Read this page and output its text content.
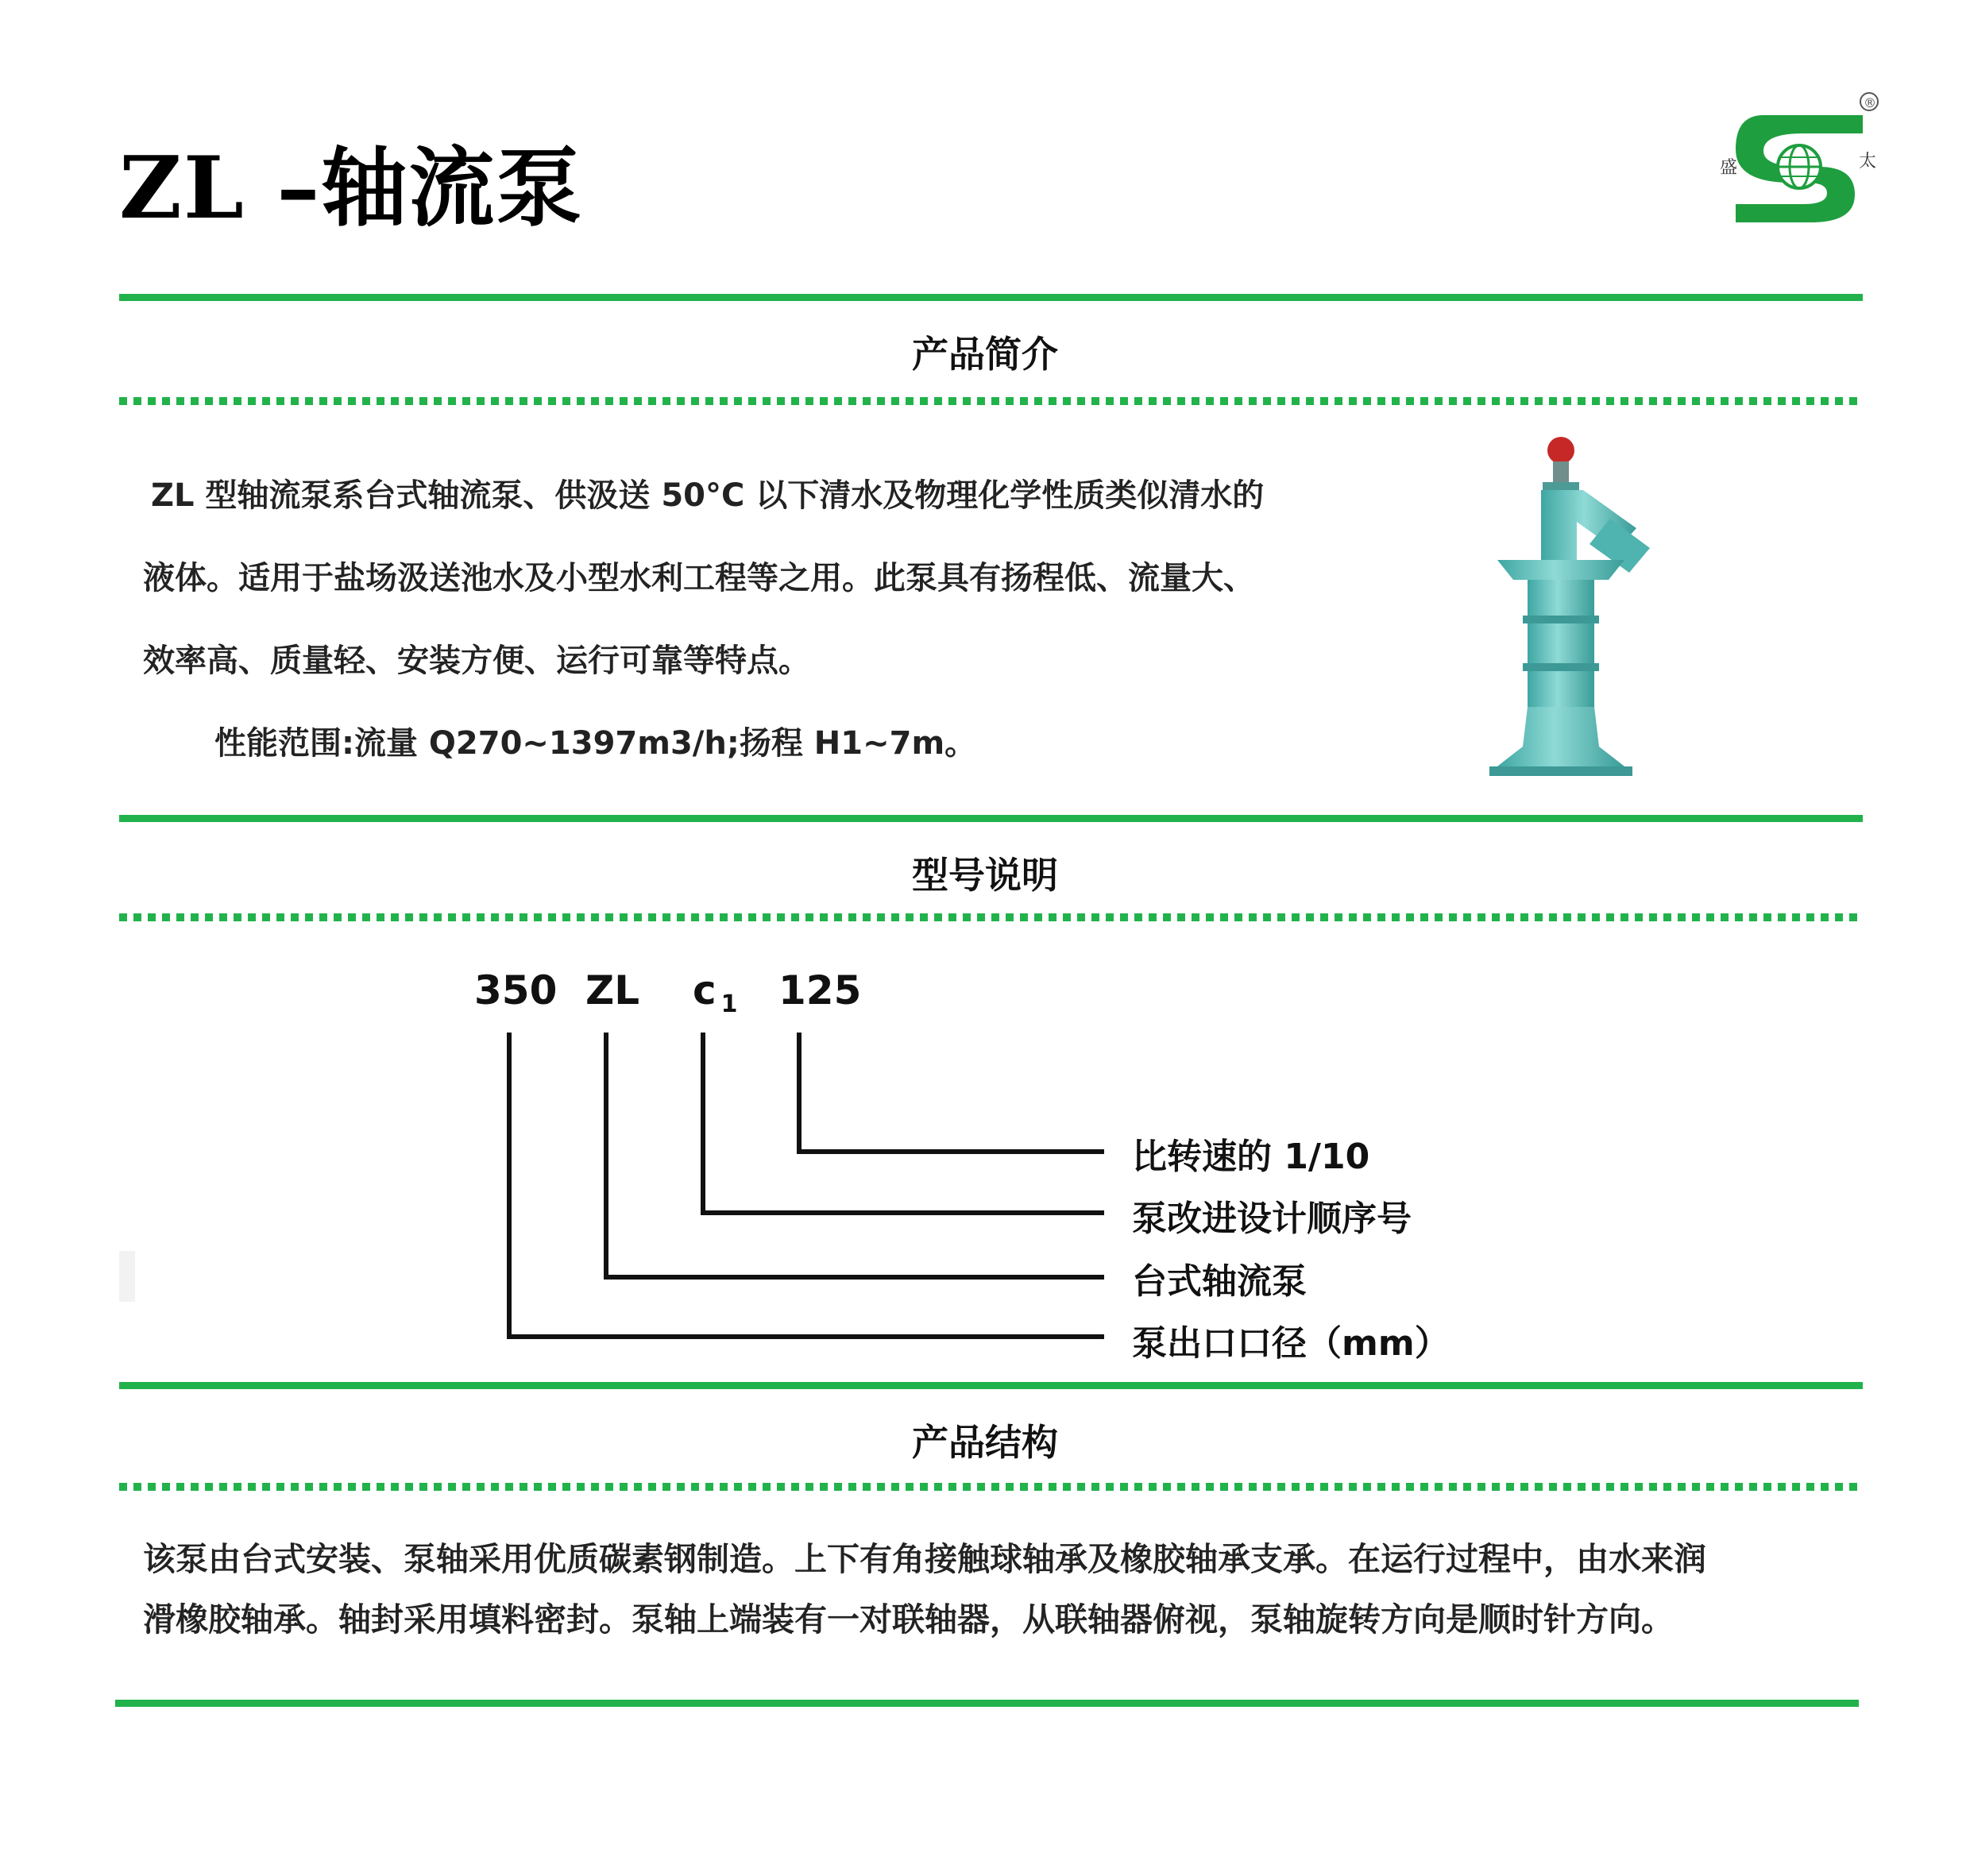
ZL –轴流泵	盛	太
®
产品简介

ZL 型轴流泵系台式轴流泵、供汲送 50°C 以下清水及物理化学性质类似清水的

液体。适用于盐场汲送池水及小型水利工程等之用。此泵具有扬程低、流量大、

效率高、质量轻、安装方便、运行可靠等特点。

性能范围:流量 Q270~1397m3/h;扬程 H1~7m。

型号说明
350 ZL c $_1$ 125
比转速的 1/10
泵改进设计顺序号
台式轴流泵
泵出口口径（mm）
产品结构

该泵由台式安装、泵轴采用优质碳素钢制造。上下有角接触球轴承及橡胶轴承支承。在运行过程中，由水来润

滑橡胶轴承。轴封采用填料密封。泵轴上端装有一对联轴器，从联轴器俯视，泵轴旋转方向是顺时针方向。
